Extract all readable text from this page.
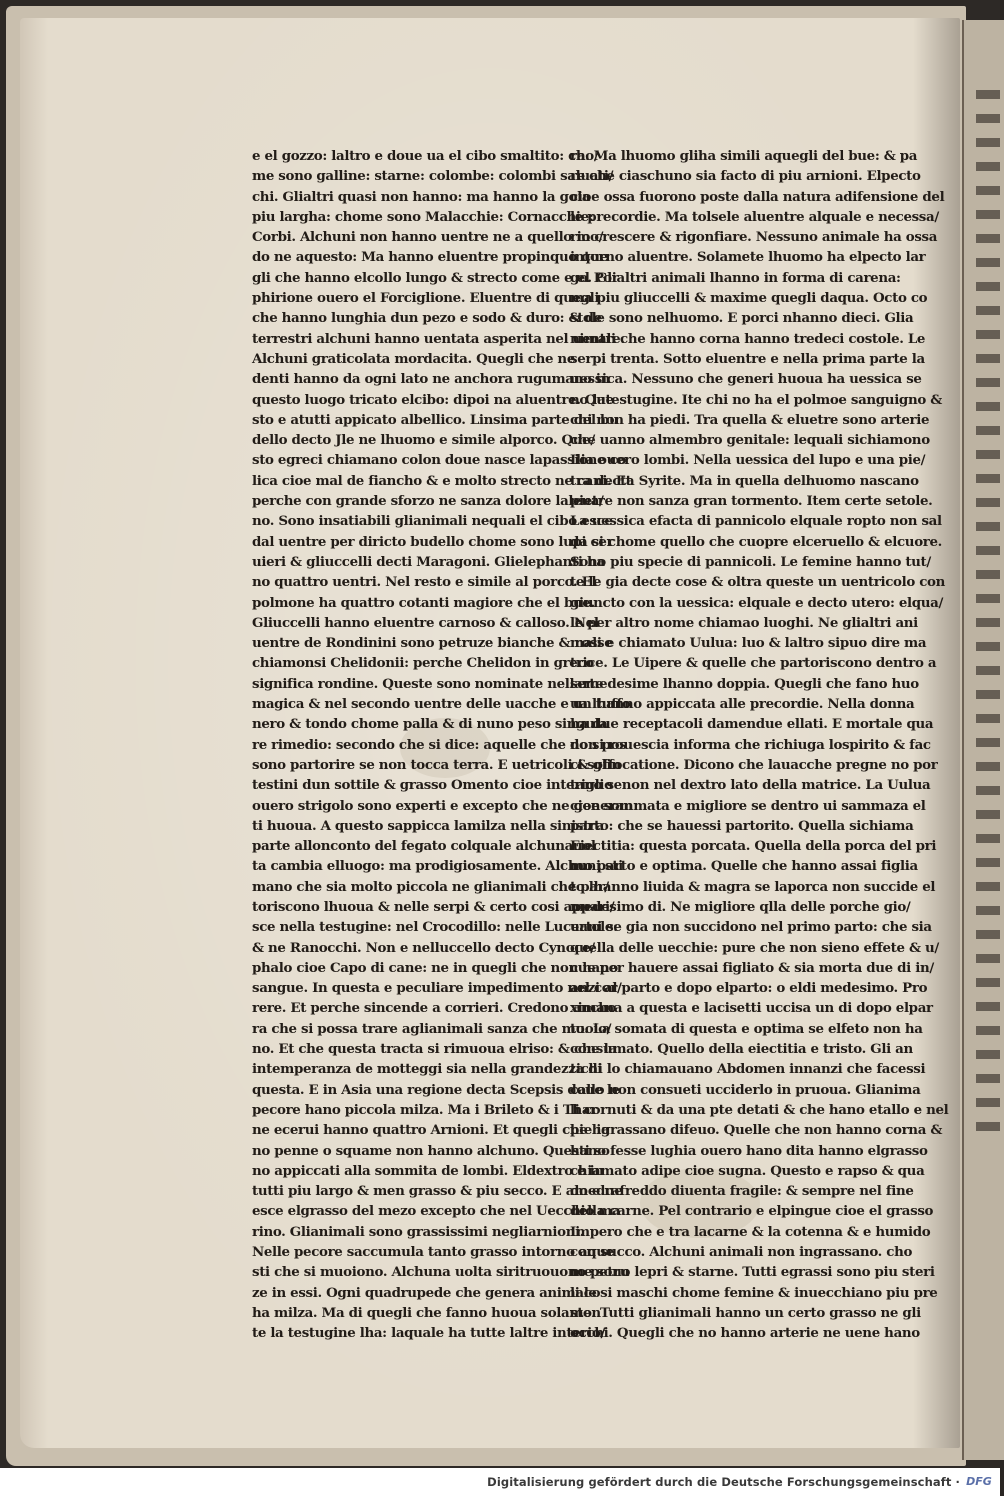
e el gozzo: laltro e doue ua el cibo smaltito: cho/
me sono galline: starne: colombe: colombi saluati/
chi. Glialtri quasi non hanno: ma hanno la gola
piu largha: chome sono Malacchie: Cornacchie:
Corbi. Alchuni non hanno uentre ne a quello mo/
do ne aquesto: Ma hanno eluentre propinquo que
gli che hanno elcollo lungo & strecto come e el Por
phirione ouero el Forciglione. Eluentre di quegli
che hanno lunghia dun pezo e sodo & duro: & de
terrestri alchuni hanno uentata asperita nel uentre.
Alchuni graticolata mordacita. Quegli che ne
denti hanno da ogni lato ne anchora rugumano in
questo luogo tricato elcibo: dipoi na aluentre. Que
sto e atutti appicato albellico. Linsima parte del bu
dello decto Jle ne lhuomo e simile alporco. Que/
sto egreci chiamano colon doue nasce lapassione co
lica cioe mal de fiancho & e molto strecto ne cani. Et
perche con grande sforzo ne sanza dolore laleua/
no. Sono insatiabili glianimali nequali el cibo esce
dal uentre per diricto budello chome sono lupi cer
uieri & gliuccelli decti Maragoni. Glielephanti ha
no quattro uentri. Nel resto e simile al porco. El
polmone ha quattro cotanti magiore che el bue.
Gliuccelli hanno eluentre carnoso & calloso. Nel
uentre de Rondinini sono petruze bianche & rosse
chiamonsi Chelidonii: perche Chelidon in greco
significa rondine. Queste sono nominate nellarte
magica & nel secondo uentre delle uacche e un tuffo
nero & tondo chome palla & di nuno peso singula
re rimedio: secondo che si dice: aquelle che non pos
sono partorire se non tocca terra. E uetricoli & glin
testini dun sottile & grasso Omento cioe interiglio
ouero strigolo sono experti e excepto che ne generan
ti huoua. A questo sappicca lamilza nella sinistra
parte allonconto del fegato colquale alchunauol
ta cambia elluogo: ma prodigiosamente. Alchuni sti
mano che sia molto piccola ne glianimali che par/
toriscono lhuoua & nelle serpi & certo cosi appari/
sce nella testugine: nel Crocodillo: nelle Lucertole:
& ne Ranocchi. Non e nelluccello decto Cynoce/
phalo cioe Capo di cane: ne in quegli che non hano
sangue. In questa e peculiare impedimento nel cor/
rere. Et perche sincende a corrieri. Credono ancho
ra che si possa trare aglianimali sanza che muoio/
no. Et che questa tracta si rimuoua elriso: & che la
intemperanza de motteggi sia nella grandezza di
questa. E in Asia una regione decta Scepsis doue le
pecore hano piccola milza. Ma i Brileto & i Thar
ne ecerui hanno quattro Arnioni. Et quegli che ha
no penne o squame non hanno alchuno. Questi so
no appiccati alla sommita de lombi. Eldextro e in
tutti piu largo & men grasso & piu secco. E amedue
esce elgrasso del mezo excepto che nel Uecchio ma
rino. Glianimali sono grassissimi negliarnioni.
Nelle pecore saccumula tanto grasso intorno aque
sti che si muoiono. Alchuna uolta siritruouono petru
ze in essi. Ogni quadrupede che genera animale
ha milza. Ma di quegli che fanno huoua solamen
te la testugine lha: laquale ha tutte laltre interio/
ra. Ma lhuomo gliha simili aquegli del bue: & pa
re che ciaschuno sia facto di piu arnioni. Elpecto
cioe ossa fuorono poste dalla natura adifensione del
le precordie. Ma tolsele aluentre alquale e necessa/
rio crescere & rigonfiare. Nessuno animale ha ossa
intorno aluentre. Solamete lhuomo ha elpecto lar
go. Glialtri animali lhanno in forma di carena:
ma piu gliuccelli & maxime quegli daqua. Octo co
stole sono nelhuomo. E porci nhanno dieci. Glia
nimali che hanno corna hanno tredeci costole. Le
serpi trenta. Sotto eluentre e nella prima parte la
uessica. Nessuno che generi huoua ha uessica se
no latestugine. Ite chi no ha el polmoe sanguigno &
chi non ha piedi. Tra quella & eluetre sono arterie
che uanno almembro genitale: lequali sichiamono
Ilia ouero lombi. Nella uessica del lupo e una pie/
tra decta Syrite. Ma in quella delhuomo nascano
pietre non sanza gran tormento. Item certe setole.
La uessica efacta di pannicolo elquale ropto non sal
da si chome quello che cuopre elceruello & elcuore.
Sono piu specie di pannicoli. Le femine hanno tut/
te le gia decte cose & oltra queste un uentricolo con
giuncto con la uessica: elquale e decto utero: elqua/
le per altro nome chiamao luoghi. Ne glialtri ani
mali e chiamato Uulua: luo & laltro sipuo dire ma
trice. Le Uipere & quelle che partoriscono dentro a
semedesime lhanno doppia. Quegli che fano huo
ua lhanno appiccata alle precordie. Nella donna
ha due receptacoli damendue ellati. E mortale qua
do si rouescia informa che richiuga lospirito & fac
ci soffocatione. Dicono che lauacche pregne no por
tano senon nel dextro lato della matrice. La Uulua
cioe sommata e migliore se dentro ui sammaza el
parto: che se hauessi partorito. Quella sichiama
Eiectitia: questa porcata. Quella della porca del pri
mo parto e optima. Quelle che hanno assai figlia
to lhanno liuida & magra se laporca non succide el
medesimo di. Ne migliore qlla delle porche gio/
uani se gia non succidono nel primo parto: che sia
quella delle uecchie: pure che non sieno effete & u/
cue per hauere assai figliato & sia morta due di in/
anzi al parto e dopo elparto: o eldi medesimo. Pro
ximana a questa e lacisetti uccisa un di dopo elpar
to. La somata di questa e optima se elfeto non ha
consumato. Quello della eiectitia e tristo. Gli an
tichi lo chiamauano Abdomen innanzi che facessi
callo non consueti ucciderlo in pruoua. Glianima
li cornuti & da una pte detati & che hano etallo e nel
pie igrassano difeuo. Quelle che non hanno corna &
hano fesse lughia ouero hano dita hanno elgrasso
chiamato adipe cioe sugna. Questo e rapso & qua
do e rafreddo diuenta fragile: & sempre nel fine
della carne. Pel contrario e elpingue cioe el grasso
Impero che e tra lacarne & la cotenna & e humido
con succo. Alchuni animali non ingrassano. cho
me sono lepri & starne. Tutti egrassi sono piu steri
li cosi maschi chome femine & inuecchiano piu pre
sto. Tutti glianimali hanno un certo grasso ne gli
occhi. Quegli che no hanno arterie ne uene hano
Digitalisierung gefördert durch die Deutsche Forschungsgemeinschaft · DFG
